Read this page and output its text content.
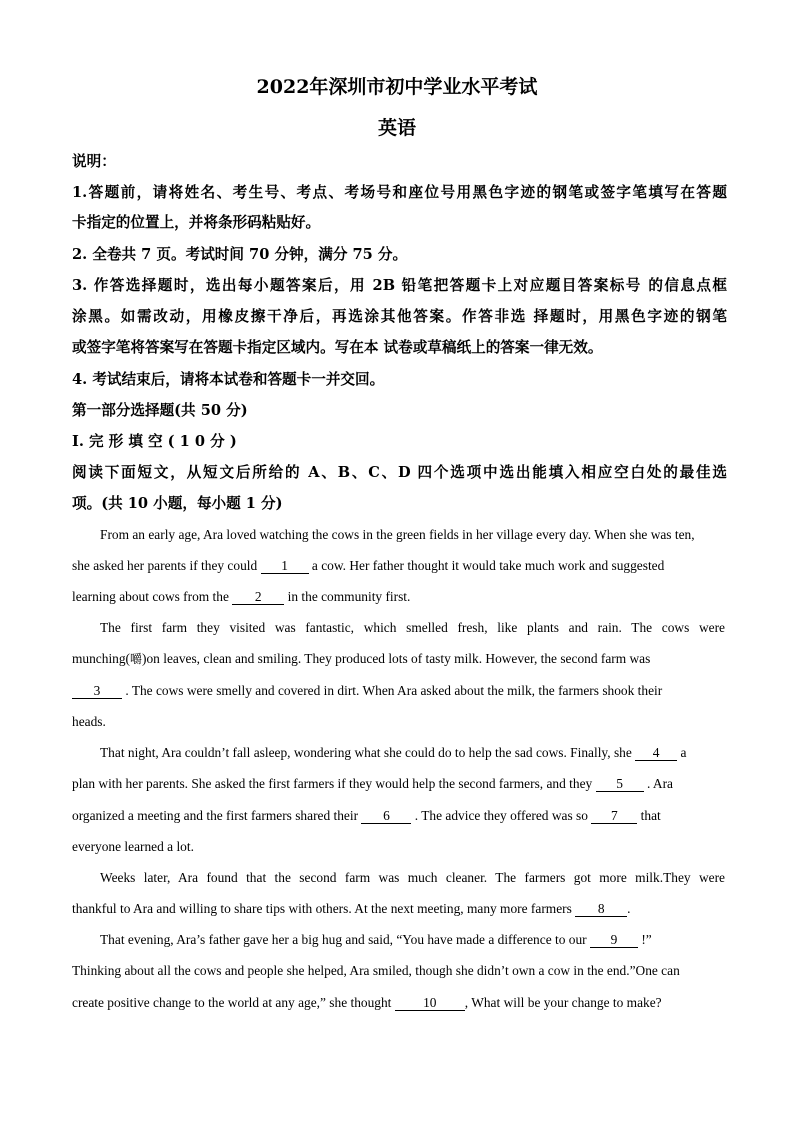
2022年深圳市初中学业水平考试
英语
说明：
1.答题前，请将姓名、考生号、考点、考场号和座位号用黑色字迹的钢笔或签字笔填写在答题
卡指定的位置上，并将条形码粘贴好。
2. 全卷共 7 页。考试时间 70 分钟，满分 75 分。
3. 作答选择题时，选出每小题答案后，用 2B 铅笔把答题卡上对应题目答案标号 的信息点框
涂黑。如需改动，用橡皮擦干净后，再选涂其他答案。作答非选 择题时，用黑色字迹的钢笔
或签字笔将答案写在答题卡指定区域内。写在本 试卷或草稿纸上的答案一律无效。
4. 考试结束后，请将本试卷和答题卡一并交回。
第一部分选择题(共 50 分)
I. 完 形 填 空 ( 1 0 分 )
阅读下面短文，从短文后所给的 A、B、C、D 四个选项中选出能填入相应空白处的最佳选
项。(共 10 小题，每小题 1 分)
From an early age, Ara loved watching the cows in the green fields in her village every day. When she was ten,
she asked her parents if they could 1 a cow. Her father thought it would take much work and suggested
learning about cows from the 2 in the community first.
The first farm they visited was fantastic, which smelled fresh, like plants and rain. The cows were
munching(嚼)on leaves, clean and smiling. They produced lots of tasty milk. However, the second farm was
3 . The cows were smelly and covered in dirt. When Ara asked about the milk, the farmers shook their
heads.
That night, Ara couldn’t fall asleep, wondering what she could do to help the sad cows. Finally, she 4 a
plan with her parents. She asked the first farmers if they would help the second farmers, and they 5 . Ara
organized a meeting and the first farmers shared their 6 . The advice they offered was so 7 that
everyone learned a lot.
Weeks later, Ara found that the second farm was much cleaner. The farmers got more milk.They were
thankful to Ara and willing to share tips with others. At the next meeting, many more farmers 8 .
That evening, Ara’s father gave her a big hug and said, “You have made a difference to our 9 !”
Thinking about all the cows and people she helped, Ara smiled, though she didn’t own a cow in the end.”One can
create positive change to the world at any age,” she thought 10 , What will be your change to make?
